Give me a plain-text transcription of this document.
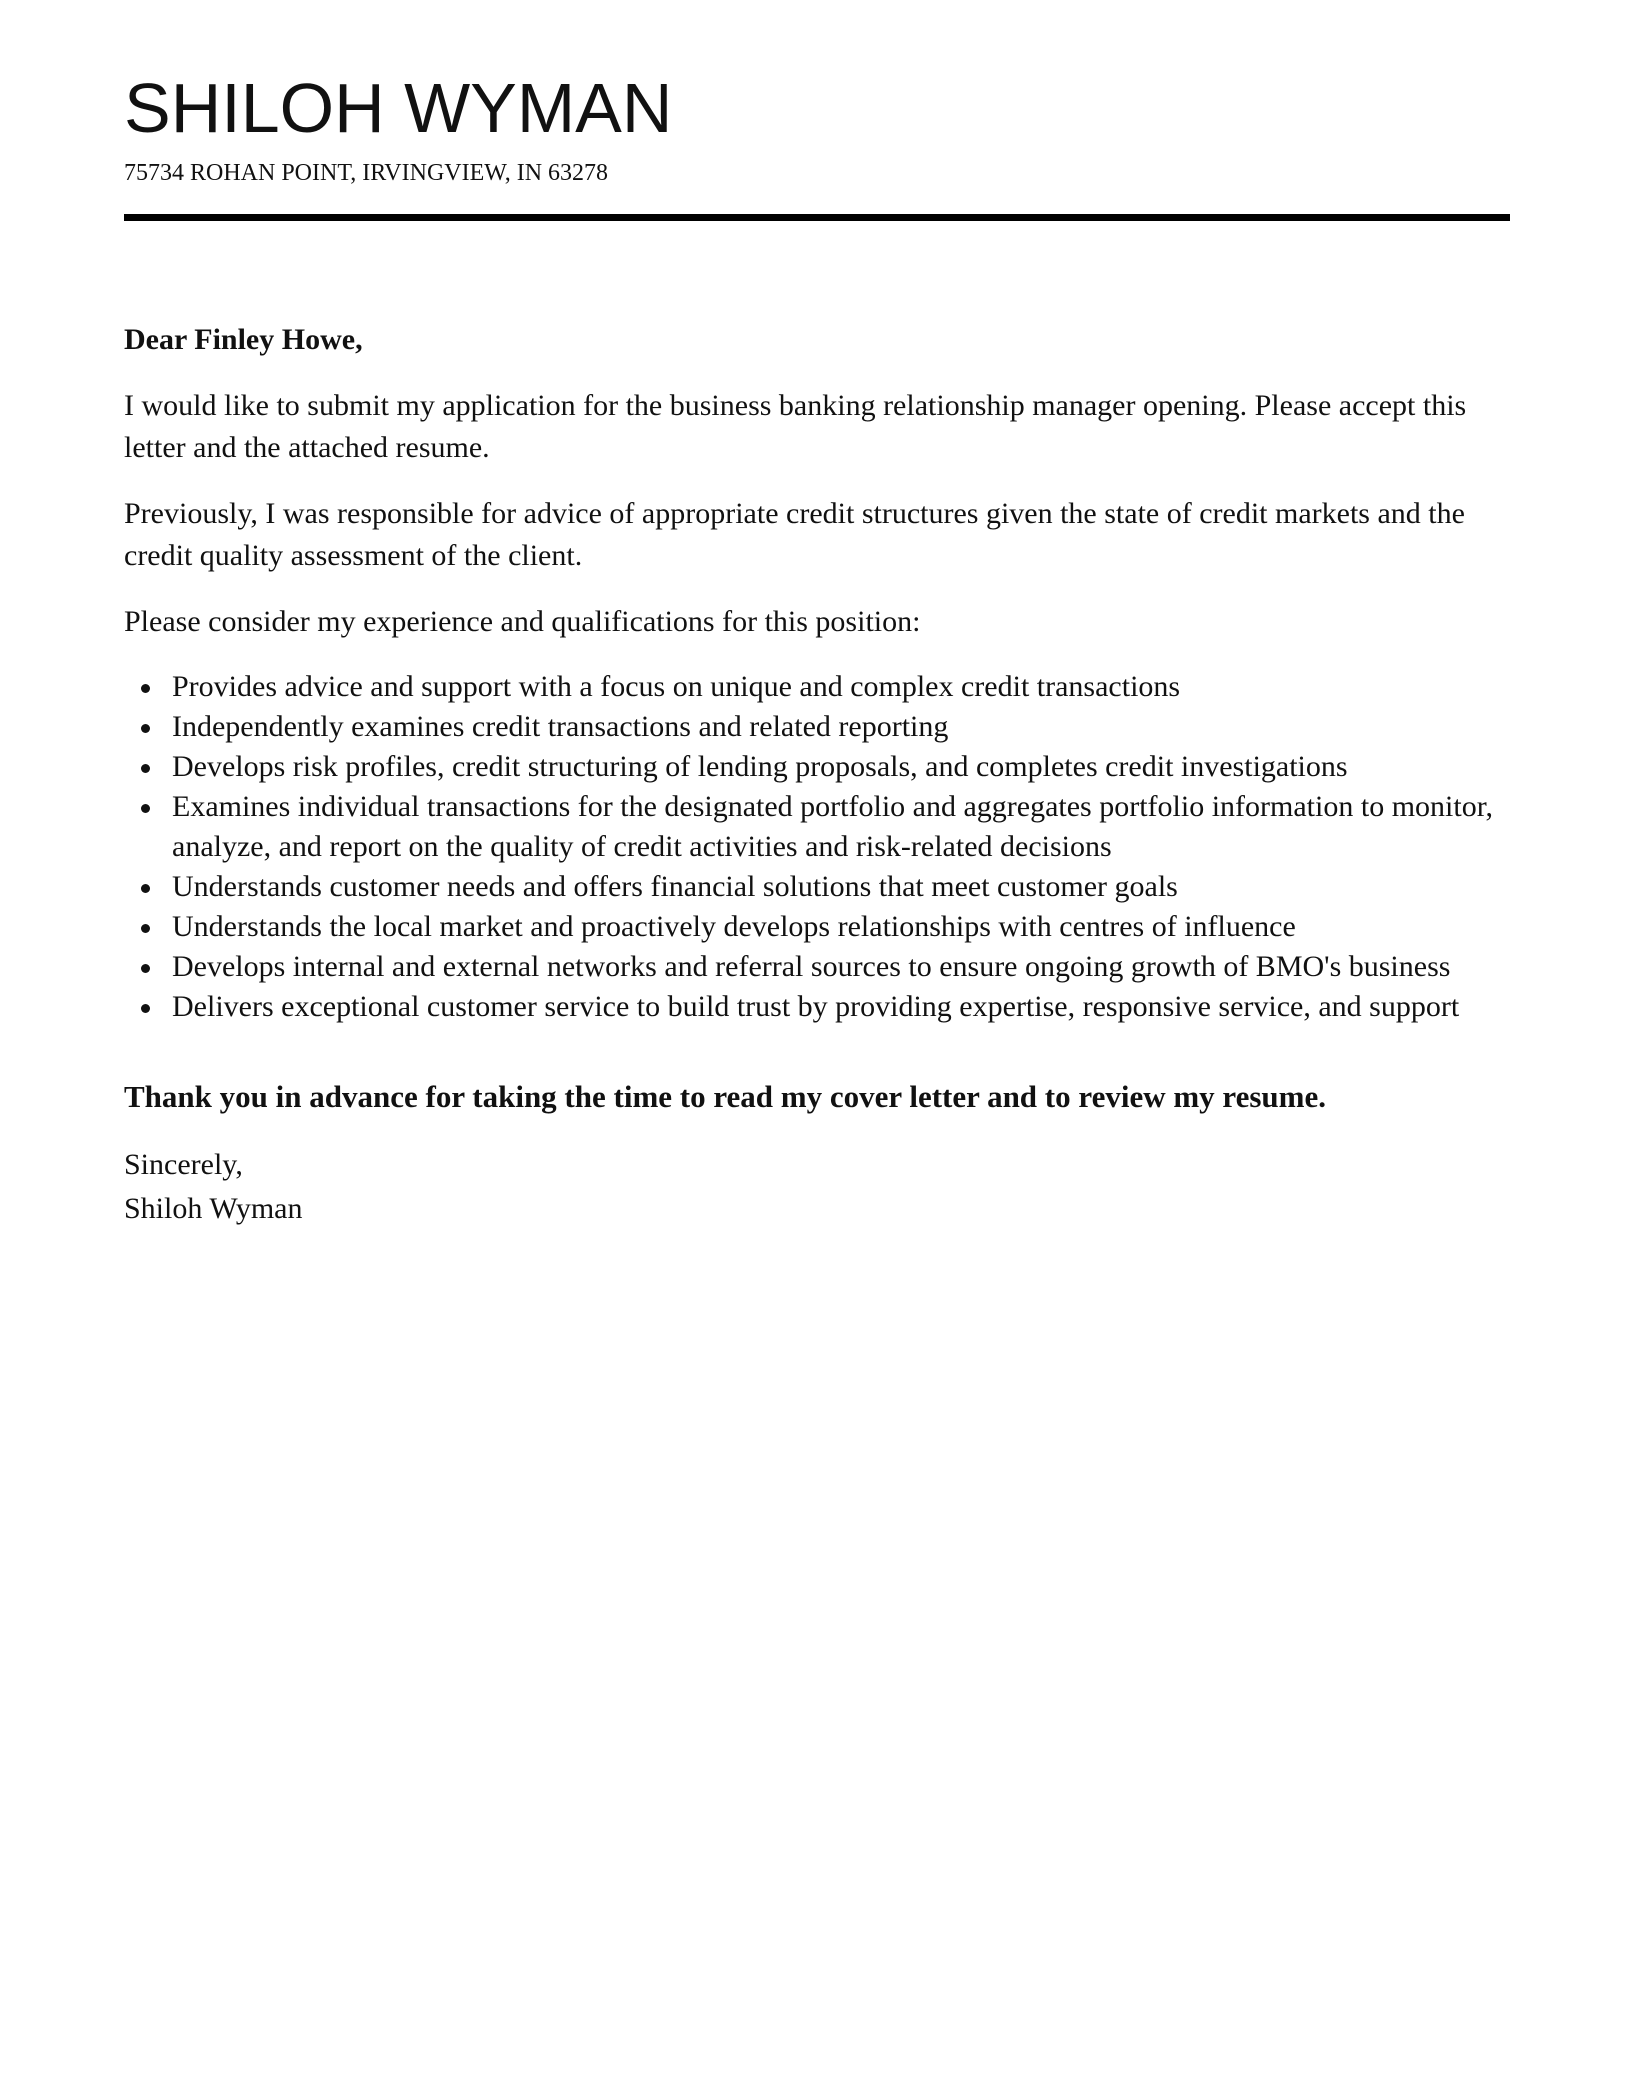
SHILOH WYMAN

75734 ROHAN POINT, IRVINGVIEW, IN 63278

Dear Finley Howe,

I would like to submit my application for the business banking relationship manager opening. Please accept this letter and the attached resume.

Previously, I was responsible for advice of appropriate credit structures given the state of credit markets and the credit quality assessment of the client.

Please consider my experience and qualifications for this position:

Provides advice and support with a focus on unique and complex credit transactions
Independently examines credit transactions and related reporting
Develops risk profiles, credit structuring of lending proposals, and completes credit investigations
Examines individual transactions for the designated portfolio and aggregates portfolio information to monitor, analyze, and report on the quality of credit activities and risk-related decisions
Understands customer needs and offers financial solutions that meet customer goals
Understands the local market and proactively develops relationships with centres of influence
Develops internal and external networks and referral sources to ensure ongoing growth of BMO's business
Delivers exceptional customer service to build trust by providing expertise, responsive service, and support

Thank you in advance for taking the time to read my cover letter and to review my resume.

Sincerely,

Shiloh Wyman
